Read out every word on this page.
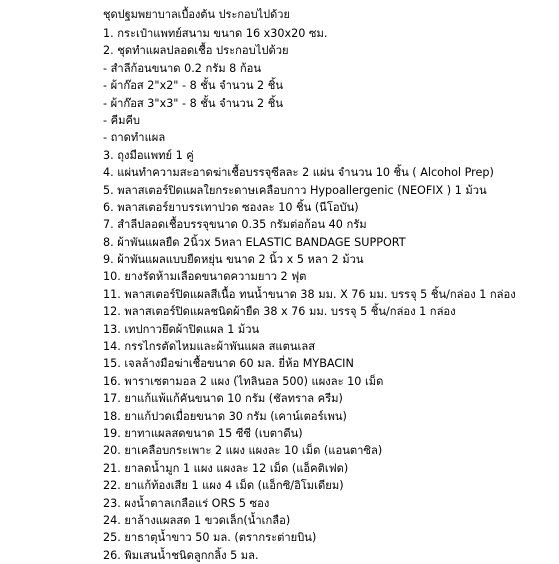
ชุดปฐมพยาบาลเบื้องต้น ประกอบไปด้วย
1. กระเป๋าแพทย์สนาม ขนาด 16 x30x20 ซม.
2. ชุดทำแผลปลอดเชื้อ ประกอบไปด้วย
- สำลีก้อนขนาด 0.2 กรัม 8 ก้อน
- ผ้าก๊อส 2"x2" - 8 ชั้น จำนวน 2 ชิ้น
- ผ้าก๊อส 3"x3" - 8 ชั้น จำนวน 2 ชิ้น
- คีมคีบ
- ถาดทำแผล
3. ถุงมือแพทย์ 1 คู่
4. แผ่นทำความสะอาดฆ่าเชื้อบรรจุซีลละ 2 แผ่น จำนวน 10 ชิ้น ( Alcohol Prep)
5. พลาสเตอร์ปิดแผลใยกระดาษเคลือบกาว Hypoallergenic (NEOFIX ) 1 ม้วน
6. พลาสเตอร์ยาบรรเทาปวด ซองละ 10 ชิ้น (นีโอบัน)
7. สำลีปลอดเชื้อบรรจุขนาด 0.35 กรัมต่อก้อน 40 กรัม
8. ผ้าพันแผลยืด 2นิ้วx 5หลา ELASTIC BANDAGE SUPPORT
9. ผ้าพันแผลแบบยืดหยุ่น ขนาด 2 นิ้ว x 5 หลา 2 ม้วน
10. ยางรัดห้ามเลือดขนาดความยาว 2 ฟุต
11. พลาสเตอร์ปิดแผลสีเนื้อ ทนน้ำขนาด 38 มม. X 76 มม. บรรจุ 5 ชิ้น/กล่อง 1 กล่อง
12. พลาสเตอร์ปิดแผลชนิดผ้ายืด 38 x 76 มม. บรรจุ 5 ชิ้น/กล่อง 1 กล่อง
13. เทปกาวยึดผ้าปิดแผล 1 ม้วน
14. กรรไกรตัดไหมและผ้าพันแผล สแตนเลส
15. เจลล้างมือฆ่าเชื้อขนาด 60 มล. ยี่ห้อ MYBACIN
16. พาราเซตามอล 2 แผง (ไทลินอล 500) แผงละ 10 เม็ด
17. ยาแก้แพ้แก้คันขนาด 10 กรัม (ชัลทราล ครีม)
18. ยาแก้ปวดเมื่อยขนาด 30 กรัม (เคาน์เตอร์เพน)
19. ยาทาแผลสดขนาด 15 ซีซี (เบตาดีน)
20. ยาเคลือบกระเพาะ 2 แผง แผงละ 10 เม็ด (แอนตาซิล)
21. ยาลดน้ำมูก 1 แผง แผงละ 12 เม็ด (แอ็คติเฟด)
22. ยาแก้ท้องเสีย 1 แผง 4 เม็ด (แอ็กซิ/อิโมเดียม)
23. ผงน้ำตาลเกลือแร่ ORS 5 ซอง
24. ยาล้างแผลสด 1 ขวดเล็ก(น้ำเกลือ)
25. ยาธาตุน้ำขาว 50 มล. (ตรากระต่ายบิน)
26. พิมเสนน้ำชนิดลูกกลิ้ง 5 มล.
